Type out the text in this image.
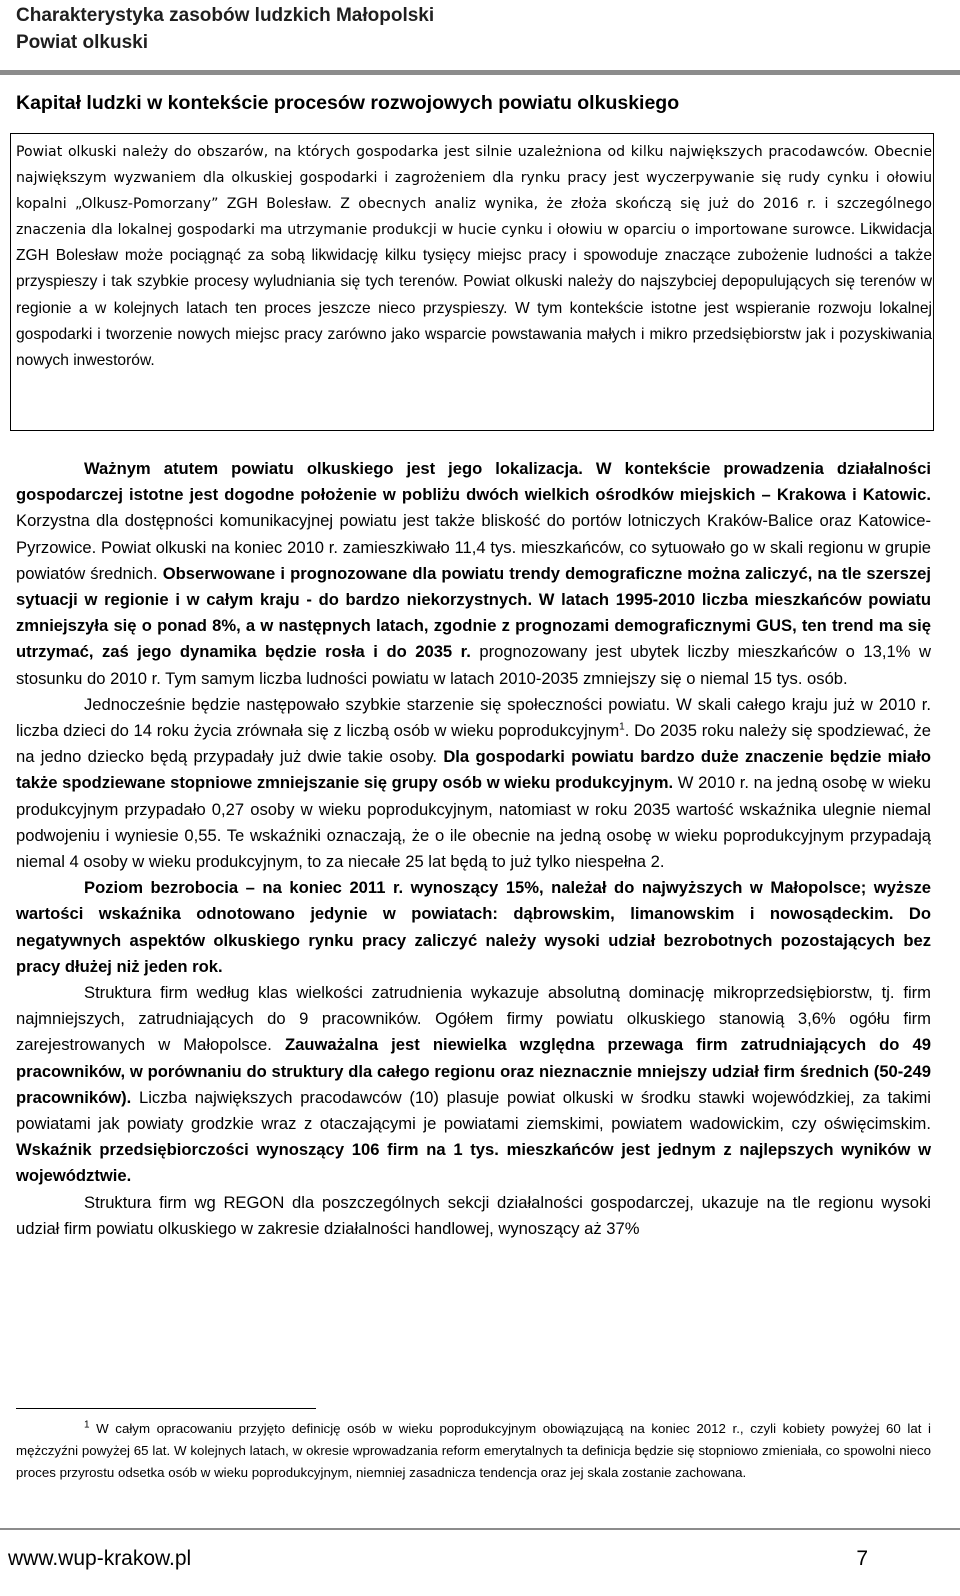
Charakterystyka zasobów ludzkich Małopolski
Powiat olkuski
Kapitał ludzki w kontekście procesów rozwojowych powiatu olkuskiego
Powiat olkuski należy do obszarów, na których gospodarka jest silnie uzależniona od kilku największych pracodawców. Obecnie największym wyzwaniem dla olkuskiej gospodarki i zagrożeniem dla rynku pracy jest wyczerpywanie się rudy cynku i ołowiu kopalni „Olkusz-Pomorzany” ZGH Bolesław. Z obecnych analiz wynika, że złoża skończą się już do 2016 r. i szczególnego znaczenia dla lokalnej gospodarki ma utrzymanie produkcji w hucie cynku i ołowiu w oparciu o importowane surowce. Likwidacja ZGH Bolesław może pociągnąć za sobą likwidację kilku tysięcy miejsc pracy i spowoduje znaczące zubożenie ludności a także przyspieszy i tak szybkie procesy wyludniania się tych terenów. Powiat olkuski należy do najszybciej depopulujących się terenów w regionie a w kolejnych latach ten proces jeszcze nieco przyspieszy. W tym kontekście istotne jest wspieranie rozwoju lokalnej gospodarki i tworzenie nowych miejsc pracy zarówno jako wsparcie powstawania małych i mikro przedsiębiorstw jak i pozyskiwania nowych inwestorów.

Ważnym atutem powiatu olkuskiego jest jego lokalizacja. W kontekście prowadzenia działalności gospodarczej istotne jest dogodne położenie w pobliżu dwóch wielkich ośrodków miejskich – Krakowa i Katowic. Korzystna dla dostępności komunikacyjnej powiatu jest także bliskość do portów lotniczych Kraków-Balice oraz Katowice-Pyrzowice. Powiat olkuski na koniec 2010 r. zamieszkiwało 11,4 tys. mieszkańców, co sytuowało go w skali regionu w grupie powiatów średnich. Obserwowane i prognozowane dla powiatu trendy demograficzne można zaliczyć, na tle szerszej sytuacji w regionie i w całym kraju - do bardzo niekorzystnych. W latach 1995-2010 liczba mieszkańców powiatu zmniejszyła się o ponad 8%, a w następnych latach, zgodnie z prognozami demograficznymi GUS, ten trend ma się utrzymać, zaś jego dynamika będzie rosła i do 2035 r. prognozowany jest ubytek liczby mieszkańców o 13,1% w stosunku do 2010 r. Tym samym liczba ludności powiatu w latach 2010-2035 zmniejszy się o niemal 15 tys. osób.

Jednocześnie będzie następowało szybkie starzenie się społeczności powiatu. W skali całego kraju już w 2010 r. liczba dzieci do 14 roku życia zrównała się z liczbą osób w wieku poprodukcyjnym$^1$. Do 2035 roku należy się spodziewać, że na jedno dziecko będą przypadały już dwie takie osoby. Dla gospodarki powiatu bardzo duże znaczenie będzie miało także spodziewane stopniowe zmniejszanie się grupy osób w wieku produkcyjnym. W 2010 r. na jedną osobę w wieku produkcyjnym przypadało 0,27 osoby w wieku poprodukcyjnym, natomiast w roku 2035 wartość wskaźnika ulegnie niemal podwojeniu i wyniesie 0,55. Te wskaźniki oznaczają, że o ile obecnie na jedną osobę w wieku poprodukcyjnym przypadają niemal 4 osoby w wieku produkcyjnym, to za niecałe 25 lat będą to już tylko niespełna 2.

Poziom bezrobocia – na koniec 2011 r. wynoszący 15%, należał do najwyższych w Małopolsce; wyższe wartości wskaźnika odnotowano jedynie w powiatach: dąbrowskim, limanowskim i nowosądeckim. Do negatywnych aspektów olkuskiego rynku pracy zaliczyć należy wysoki udział bezrobotnych pozostających bez pracy dłużej niż jeden rok.

Struktura firm według klas wielkości zatrudnienia wykazuje absolutną dominację mikroprzedsiębiorstw, tj. firm najmniejszych, zatrudniających do 9 pracowników. Ogółem firmy powiatu olkuskiego stanowią 3,6% ogółu firm zarejestrowanych w Małopolsce. Zauważalna jest niewielka względna przewaga firm zatrudniających do 49 pracowników, w porównaniu do struktury dla całego regionu oraz nieznacznie mniejszy udział firm średnich (50-249 pracowników). Liczba największych pracodawców (10) plasuje powiat olkuski w środku stawki wojewódzkiej, za takimi powiatami jak powiaty grodzkie wraz z otaczającymi je powiatami ziemskimi, powiatem wadowickim, czy oświęcimskim. Wskaźnik przedsiębiorczości wynoszący 106 firm na 1 tys. mieszkańców jest jednym z najlepszych wyników w województwie.

Struktura firm wg REGON dla poszczególnych sekcji działalności gospodarczej, ukazuje na tle regionu wysoki udział firm powiatu olkuskiego w zakresie działalności handlowej, wynoszący aż 37%

$^1$ W całym opracowaniu przyjęto definicję osób w wieku poprodukcyjnym obowiązującą na koniec 2012 r., czyli kobiety powyżej 60 lat i mężczyźni powyżej 65 lat. W kolejnych latach, w okresie wprowadzania reform emerytalnych ta definicja będzie się stopniowo zmieniała, co spowolni nieco proces przyrostu odsetka osób w wieku poprodukcyjnym, niemniej zasadnicza tendencja oraz jej skala zostanie zachowana.

www.wup-krakow.pl	7
